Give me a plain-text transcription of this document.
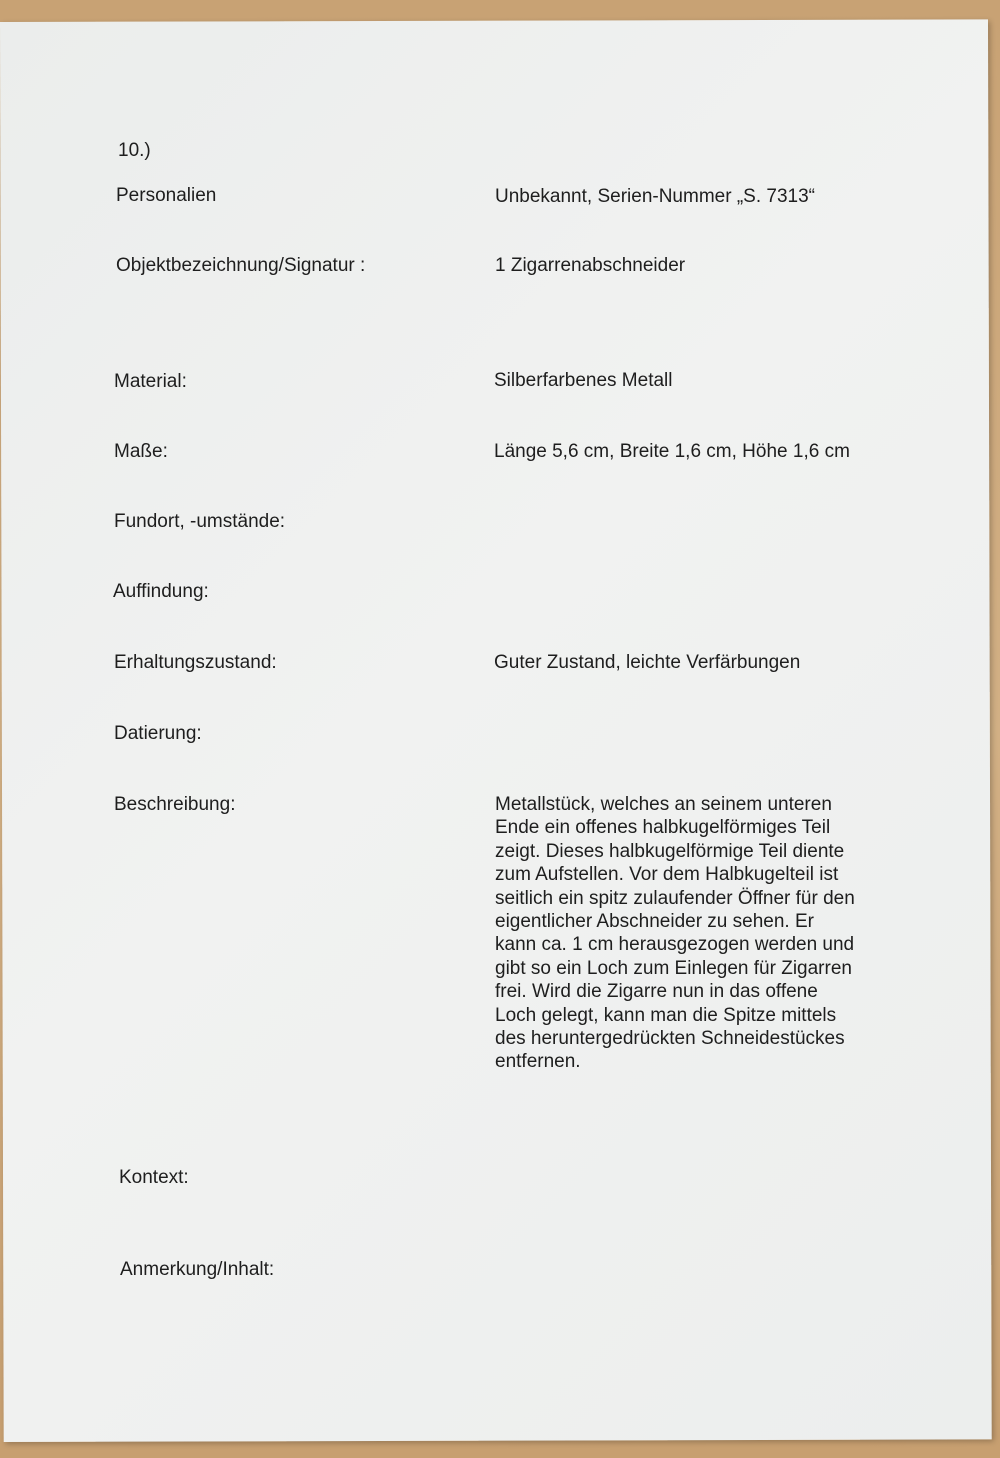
10.)
Personalien	Unbekannt, Serien-Nummer „S. 7313“
Objektbezeichnung/Signatur :	1 Zigarrenabschneider
Material:	Silberfarbenes Metall
Maße:	Länge 5,6 cm, Breite 1,6 cm, Höhe 1,6 cm
Fundort, -umstände:
Auffindung:
Erhaltungszustand:	Guter Zustand, leichte Verfärbungen
Datierung:
Beschreibung:	Metallstück, welches an seinem unteren
Ende ein offenes halbkugelförmiges Teil
zeigt. Dieses halbkugelförmige Teil diente
zum Aufstellen. Vor dem Halbkugelteil ist
seitlich ein spitz zulaufender Öffner für den
eigentlicher Abschneider zu sehen. Er
kann ca. 1 cm herausgezogen werden und
gibt so ein Loch zum Einlegen für Zigarren
frei. Wird die Zigarre nun in das offene
Loch gelegt, kann man die Spitze mittels
des heruntergedrückten Schneidestückes
entfernen.
Kontext:
Anmerkung/Inhalt:
